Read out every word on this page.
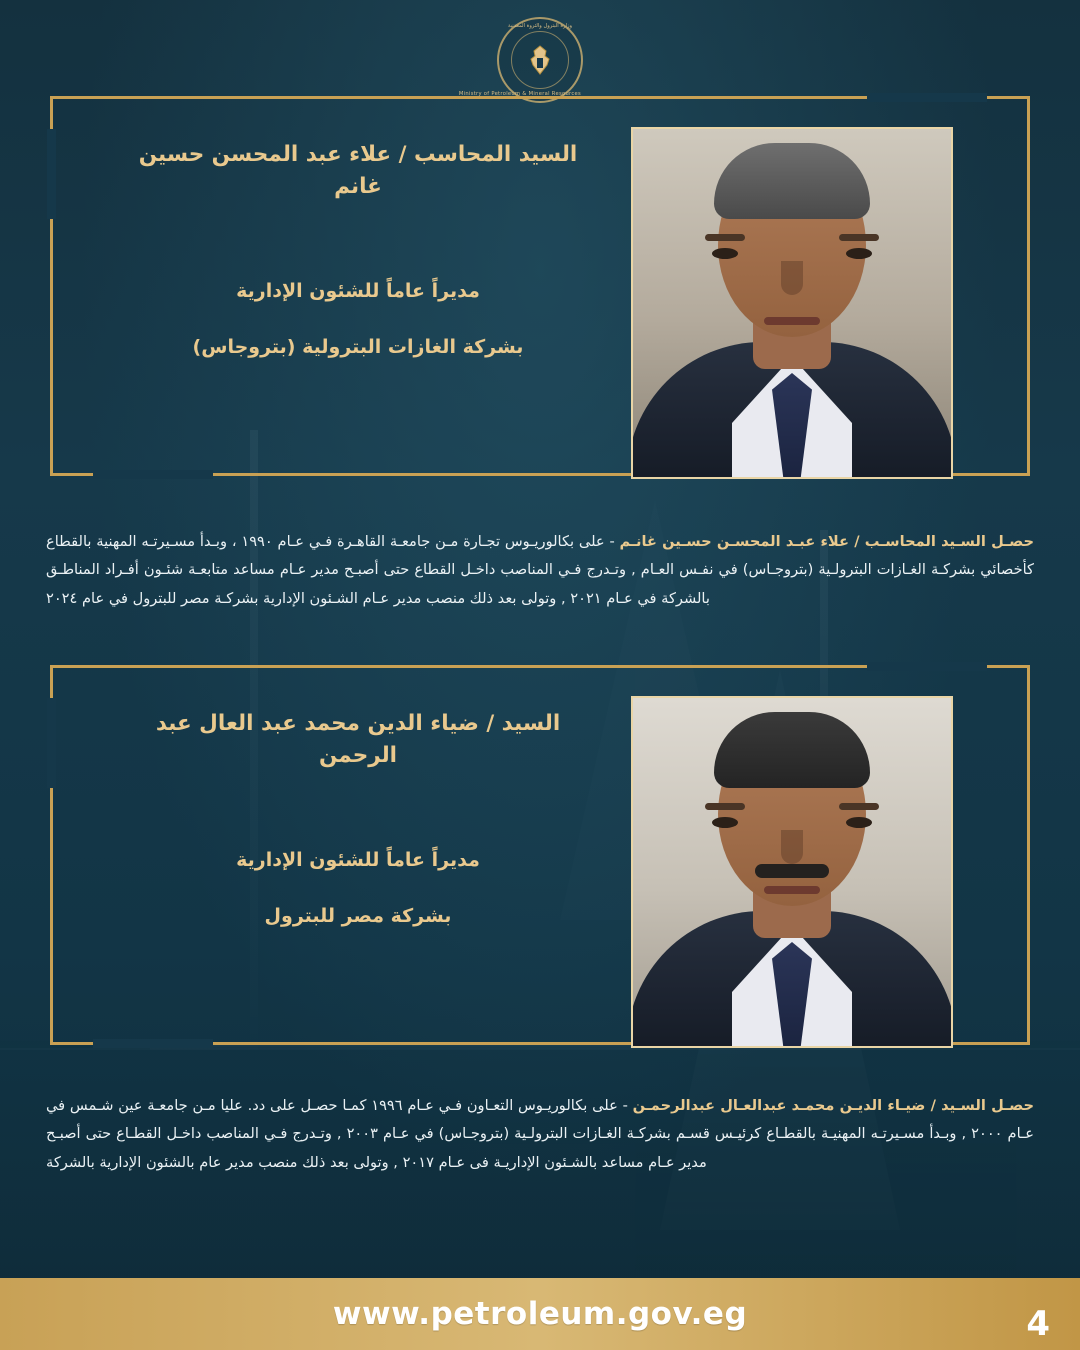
وزارة البترول والثروة المعدنية
Ministry of Petroleum & Mineral Resources
السيد المحاسب / علاء عبد المحسن حسين غانم
مديراً عاماً للشئون الإدارية
بشركة الغازات البترولية (بتروجاس)
حصـل السـيد المحاسـب / علاء عبـد المحسـن حسـين غانـم - على بكالوريـوس تجـارة مـن جامعـة القاهـرة فـي عـام ١٩٩٠ ، وبـدأ مسـيرتـه المهنية بالقطاع كأخصائي بشركـة الغـازات البترولـية (بتروجـاس) في نفـس العـام , وتـدرج فـي المناصب داخـل القطاع حتى أصبـح مدير عـام مساعد متابعـة شئـون أفـراد المناطـق بالشركة في عـام ٢٠٢١ , وتولى بعد ذلك منصب مدير عـام الشـئون الإدارية بشركـة مصر للبترول في عام ٢٠٢٤
السيد / ضياء الدين محمد عبد العال عبد الرحمن
مديراً عاماً للشئون الإدارية
بشركة مصر للبترول
حصـل السـيد / ضيـاء الديـن محمـد عبدالعـال عبدالرحمـن - على بكالوريـوس التعـاون فـي عـام ١٩٩٦ كمـا حصـل على دد. عليا مـن جامعـة عين شـمس في عـام ٢٠٠٠ , وبـدأ مسـيرتـه المهنيـة بالقطـاع كرئيـس قسـم بشركـة الغـازات البترولـية (بتروجـاس) في عـام ٢٠٠٣ , وتـدرج فـي المناصب داخـل القطـاع حتى أصبـح مدير عـام مساعد بالشـئون الإداريـة فى عـام ٢٠١٧ , وتولى بعد ذلك منصب مدير عام بالشئون الإدارية بالشركة
www.petroleum.gov.eg	4
